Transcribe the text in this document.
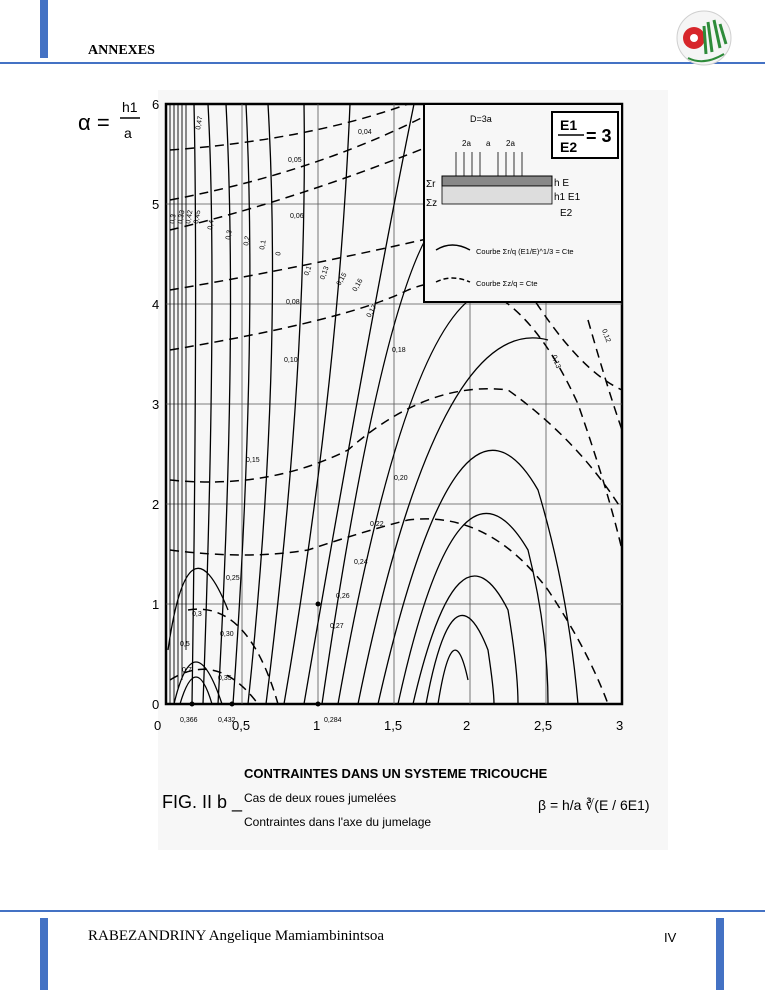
ANNEXES
α =
h1
a
0
1
2
3
4
5
6
0	0,5	1	1,5	2	2,5	3
0,366	0,432	0,284
0,47
0,3 0,33
0,42
0,45
0,4
0,3
0,2 0,1
0
0,1 0,13 0,15 0,16
0,17
0,18
0,20
0,22
0,24
0,26
0,27
0,3
0,5
0,7
0,04
0,05
0,06
0,08
0,10
0,15
0,25
0,30
0,35
0,13
0,12
E1
E2
= 3
D=3a
2a a 2a
h E
h1 E1
E2
Σr
Σz
Courbe Σr/q (E1/E)^1/3 = Cte
Courbe Σz/q = Cte
CONTRAINTES DANS UN SYSTEME TRICOUCHE
FIG. II b _ Cas de deux roues jumelées
Contraintes dans l'axe du jumelage
β = h/a ∛(E / 6E1)
RABEZANDRINY Angelique Mamiambinintsoa	IV
